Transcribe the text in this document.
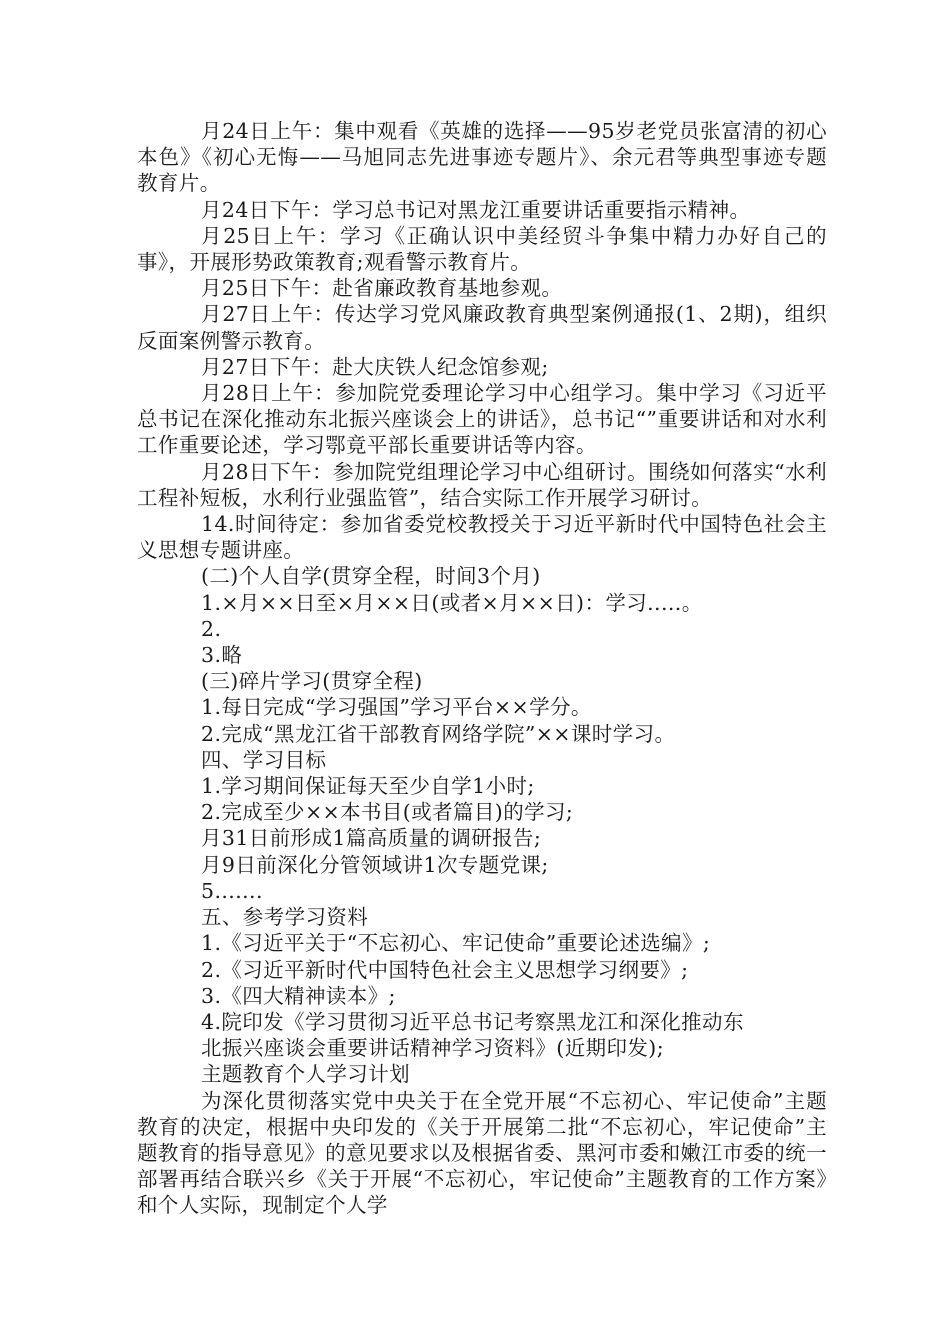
月24日上午：集中观看《英雄的选择——95岁老党员张富清的初心本色》《初心无悔——马旭同志先进事迹专题片》、余元君等典型事迹专题教育片。

月24日下午：学习总书记对黑龙江重要讲话重要指示精神。

月25日上午：学习《正确认识中美经贸斗争集中精力办好自己的事》，开展形势政策教育;观看警示教育片。

月25日下午：赴省廉政教育基地参观。

月27日上午：传达学习党风廉政教育典型案例通报(1、2期)，组织反面案例警示教育。

月27日下午：赴大庆铁人纪念馆参观;

月28日上午：参加院党委理论学习中心组学习。集中学习《习近平总书记在深化推动东北振兴座谈会上的讲话》，总书记“”重要讲话和对水利工作重要论述，学习鄂竟平部长重要讲话等内容。

月28日下午：参加院党组理论学习中心组研讨。围绕如何落实“水利工程补短板，水利行业强监管”，结合实际工作开展学习研讨。

14.时间待定：参加省委党校教授关于习近平新时代中国特色社会主义思想专题讲座。

(二)个人自学(贯穿全程，时间3个月)

1.×月××日至×月××日(或者×月××日)：学习.....。

2.

3.略

(三)碎片学习(贯穿全程)

1.每日完成“学习强国”学习平台××学分。

2.完成“黑龙江省干部教育网络学院”××课时学习。

四、学习目标

1.学习期间保证每天至少自学1小时;

2.完成至少××本书目(或者篇目)的学习;

月31日前形成1篇高质量的调研报告;

月9日前深化分管领域讲1次专题党课;

5.......

五、参考学习资料

1.《习近平关于“不忘初心、牢记使命”重要论述选编》;

2.《习近平新时代中国特色社会主义思想学习纲要》;

3.《四大精神读本》;

4.院印发《学习贯彻习近平总书记考察黑龙江和深化推动东

北振兴座谈会重要讲话精神学习资料》(近期印发);

主题教育个人学习计划

为深化贯彻落实党中央关于在全党开展“不忘初心、牢记使命”主题教育的决定，根据中央印发的《关于开展第二批“不忘初心，牢记使命”主题教育的指导意见》的意见要求以及根据省委、黑河市委和嫩江市委的统一部署再结合联兴乡《关于开展“不忘初心，牢记使命”主题教育的工作方案》和个人实际，现制定个人学
